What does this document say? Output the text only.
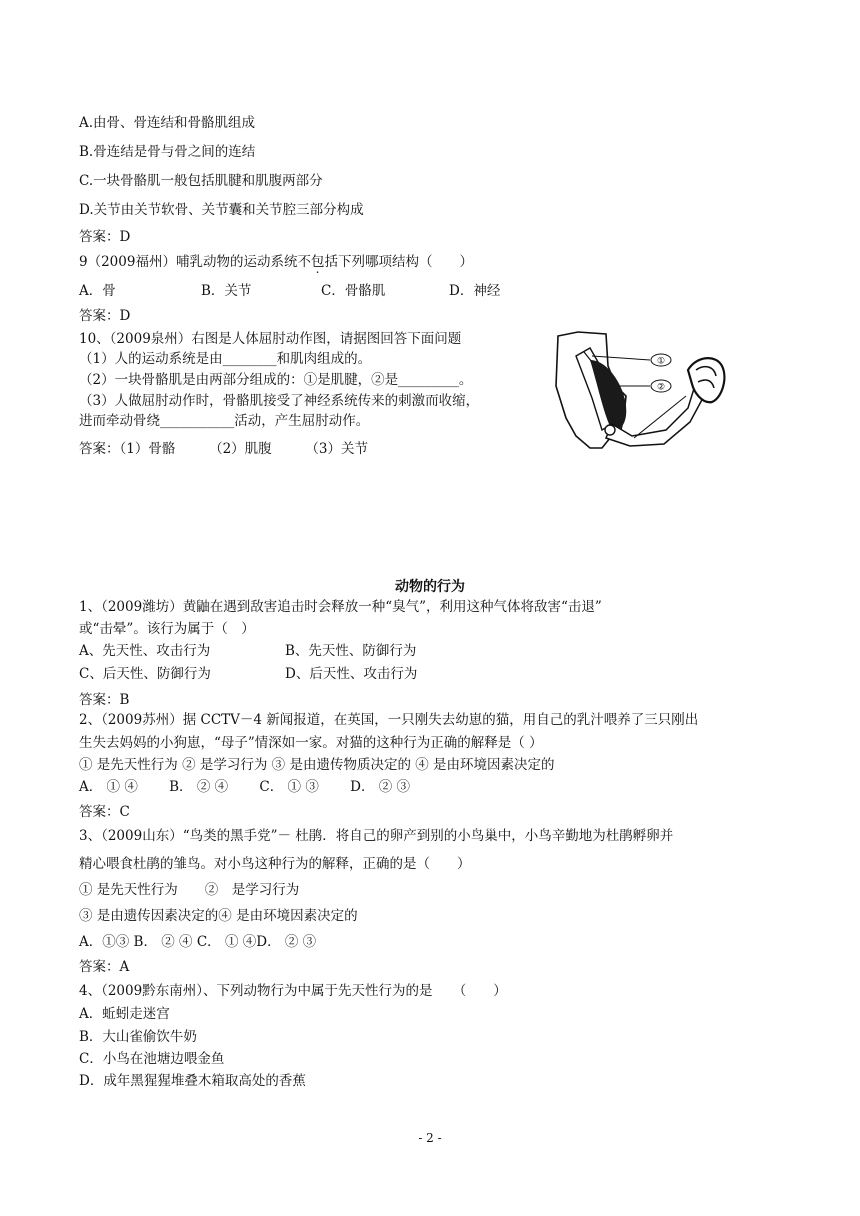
A.由骨、骨连结和骨骼肌组成
B.骨连结是骨与骨之间的连结
C.一块骨骼肌一般包括肌腱和肌腹两部分
D.关节由关节软骨、关节囊和关节腔三部分构成
答案：D
9（2009福州）哺乳动物的运动系统不包括下列哪项结构（　　）
A．骨	B．关节	C．骨骼肌	D．神经
答案：D
10、（2009泉州）右图是人体屈肘动作图，请据图回答下面问题
（1）人的运动系统是由________和肌肉组成的。
（2）一块骨骼肌是由两部分组成的：①是肌腱，②是_________。
（3）人做屈肘动作时，骨骼肌接受了神经系统传来的刺激而收缩，
进而牵动骨绕___________活动，产生屈肘动作。
答案：（1）骨骼　　　（2）肌腹　　　（3）关节
①
②
动物的行为
1、（2009潍坊）黄鼬在遇到敌害追击时会释放一种“臭气”，利用这种气体将敌害“击退”
或“击晕”。该行为属于（　）
A、先天性、攻击行为	B、先天性、防御行为
C、后天性、防御行为	D、后天性、攻击行为
答案：B
2、（2009苏州）据 CCTV－4 新闻报道，在英国，一只刚失去幼崽的猫，用自己的乳汁喂养了三只刚出
生失去妈妈的小狗崽，“母子”情深如一家。对猫的这种行为正确的解释是（ ）
① 是先天性行为 ② 是学习行为 ③ 是由遗传物质决定的 ④ 是由环境因素决定的
A． ① ④　　 B． ② ④　　 C． ① ③　　 D． ② ③
答案：C
3、（2009山东）“鸟类的黑手党”－ 杜鹃．将自己的卵产到别的小鸟巢中，小鸟辛勤地为杜鹃孵卵并
精心喂食杜鹃的雏鸟。对小鸟这种行为的解释，正确的是（　　）
① 是先天性行为　　②　是学习行为
③ 是由遗传因素决定的④ 是由环境因素决定的
A．①③ B． ② ④ C． ① ④D． ② ③
答案：A
4、（2009黔东南州）、下列动物行为中属于先天性行为的是　　（　　）
A．蚯蚓走迷宫
B．大山雀偷饮牛奶
C．小鸟在池塘边喂金鱼
D．成年黑猩猩堆叠木箱取高处的香蕉
- 2 -
